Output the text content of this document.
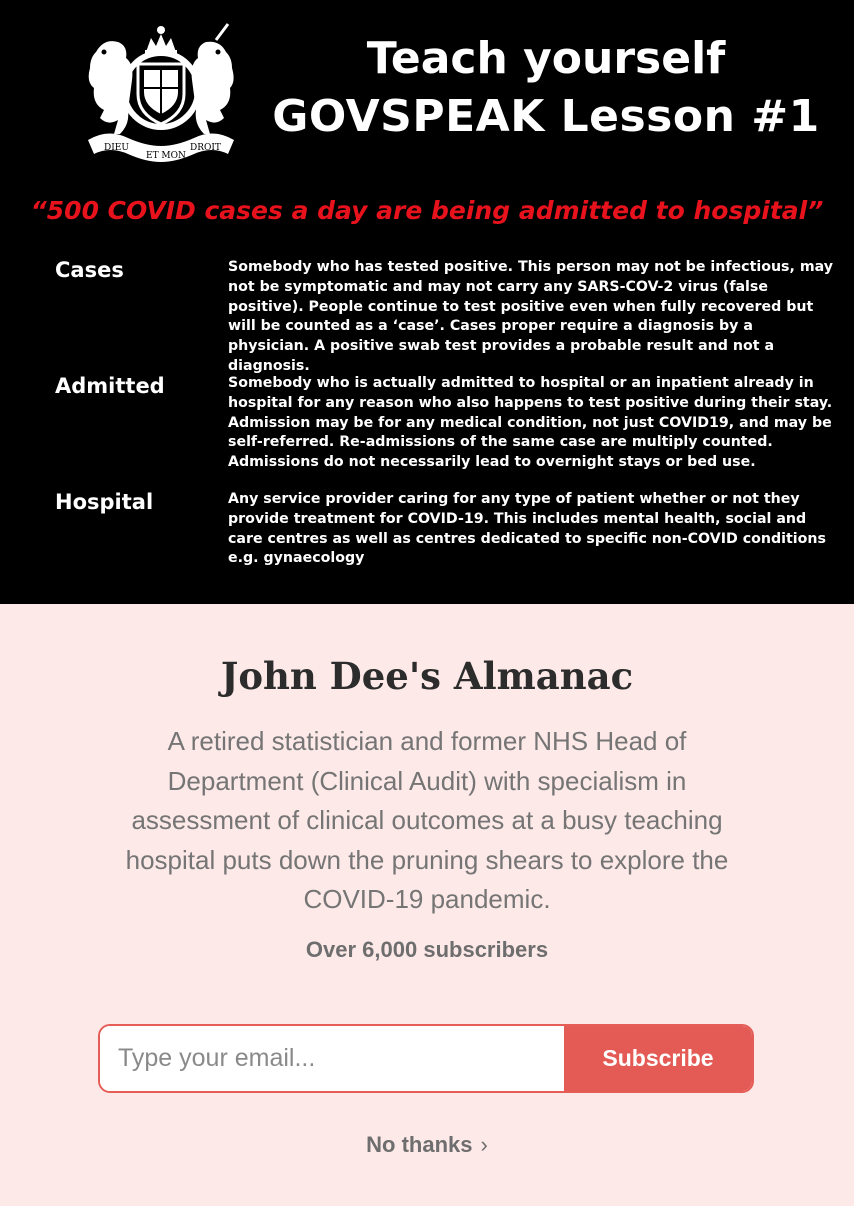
DIEU
ET MON
DROIT
Teach yourself
GOVSPEAK Lesson #1
“500 COVID cases a day are being admitted to hospital”
Cases	Somebody who has tested positive. This person may not be infectious, may not be symptomatic and may not carry any SARS-COV-2 virus (false positive). People continue to test positive even when fully recovered but will be counted as a ‘case’. Cases proper require a diagnosis by a physician. A positive swab test provides a probable result and not a diagnosis.
Admitted	Somebody who is actually admitted to hospital or an inpatient already in hospital for any reason who also happens to test positive during their stay. Admission may be for any medical condition, not just COVID19, and may be self-referred. Re-admissions of the same case are multiply counted. Admissions do not necessarily lead to overnight stays or bed use.
Hospital	Any service provider caring for any type of patient whether or not they provide treatment for COVID-19. This includes mental health, social and care centres as well as centres dedicated to specific non-COVID conditions e.g. gynaecology
John Dee's Almanac
A retired statistician and former NHS Head of Department (Clinical Audit) with specialism in assessment of clinical outcomes at a busy teaching hospital puts down the pruning shears to explore the COVID-19 pandemic.
Over 6,000 subscribers
Type your email...
Subscribe
No thanks ›
